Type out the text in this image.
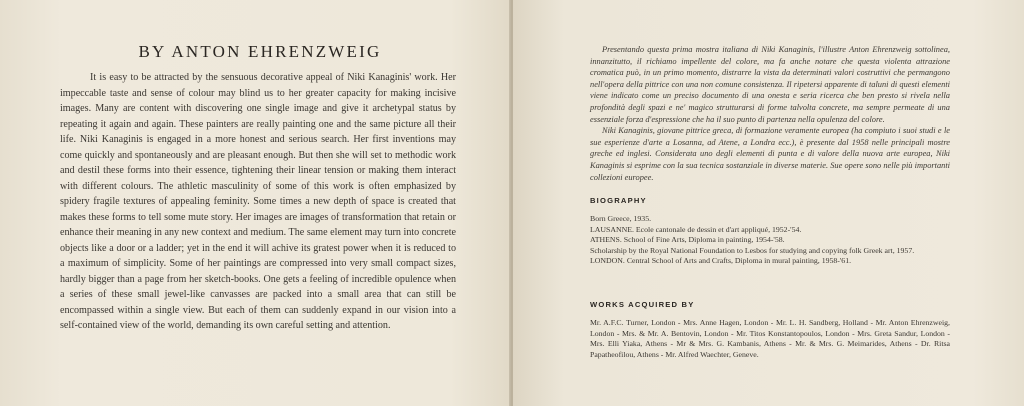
BY ANTON EHRENZWEIG

It is easy to be attracted by the sensuous decorative appeal of Niki Kanaginis' work. Her impeccable taste and sense of colour may blind us to her greater capacity for making incisive images. Many are content with discovering one single image and give it archetypal status by repeating it again and again. These painters are really painting one and the same picture all their life. Niki Kanaginis is engaged in a more honest and serious search. Her first inventions may come quickly and spontaneously and are pleasant enough. But then she will set to methodic work and destil these forms into their essence, tightening their linear tension or making them interact with different colours. The athletic masculinity of some of this work is often emphasized by spidery fragile textures of appealing feminity. Some times a new depth of space is created that makes these forms to tell some mute story. Her images are images of transformation that retain or enhance their meaning in any new context and medium. The same element may turn into concrete objects like a door or a ladder; yet in the end it will achive its gratest power when it is reduced to a maximum of simplicity. Some of her paintings are compressed into very small compact sizes, hardly bigger than a page from her sketch-books. One gets a feeling of incredible opulence when a series of these small jewel-like canvasses are packed into a small area that can still be encompassed within a single view. But each of them can suddenly expand in our vision into a self-contained view of the world, demanding its own careful setting and attention.

Presentando questa prima mostra italiana di Niki Kanaginis, l'illustre Anton Ehrenzweig sottolinea, innanzitutto, il richiamo impellente del colore, ma fa anche notare che questa violenta attrazione cromatica può, in un primo momento, distrarre la vista da determinati valori costruttivi che permangono nell'opera della pittrice con una non comune consistenza. Il ripetersi apparente di taluni di questi elementi viene indicato come un preciso documento di una onesta e seria ricerca che ben presto si rivela nella profondità degli spazi e ne' magico strutturarsi di forme talvolta concrete, ma sempre permeate di una essenziale forza d'espressione che ha il suo punto di partenza nella opulenza del colore.

Niki Kanaginis, giovane pittrice greca, di formazione veramente europea (ha compiuto i suoi studi e le sue esperienze d'arte a Losanna, ad Atene, a Londra ecc.), è presente dal 1958 nelle principali mostre greche ed inglesi. Considerata uno degli elementi di punta e di valore della nuova arte europea, Niki Kanaginis si esprime con la sua tecnica sostanziale in diverse materie. Sue opere sono nelle più importanti collezioni europee.

BIOGRAPHY
Born Greece, 1935.
LAUSANNE. Ecole cantonale de dessin et d'art appliqué, 1952-'54.
ATHENS. School of Fine Arts, Diploma in painting, 1954-'58.
Scholarship by the Royal National Foundation to Lesbos for studying and copying folk Greek art, 1957.
LONDON. Central School of Arts and Crafts, Diploma in mural painting, 1958-'61.
WORKS ACQUIRED BY

Mr. A.F.C. Turner, London - Mrs. Anne Hagen, London - Mr. L. H. Sandberg, Holland - Mr. Anton Ehrenzweig, London - Mrs. & Mr. A. Bentovin, London - Mr. Titos Konstantopoulos, London - Mrs. Greta Sandur, London - Mrs. Elli Yiaka, Athens - Mr & Mrs. G. Kambanis, Athens - Mr. & Mrs. G. Meimarides, Athens - Dr. Ritsa Papatheofilou, Athens - Mr. Alfred Waechter, Geneve.
